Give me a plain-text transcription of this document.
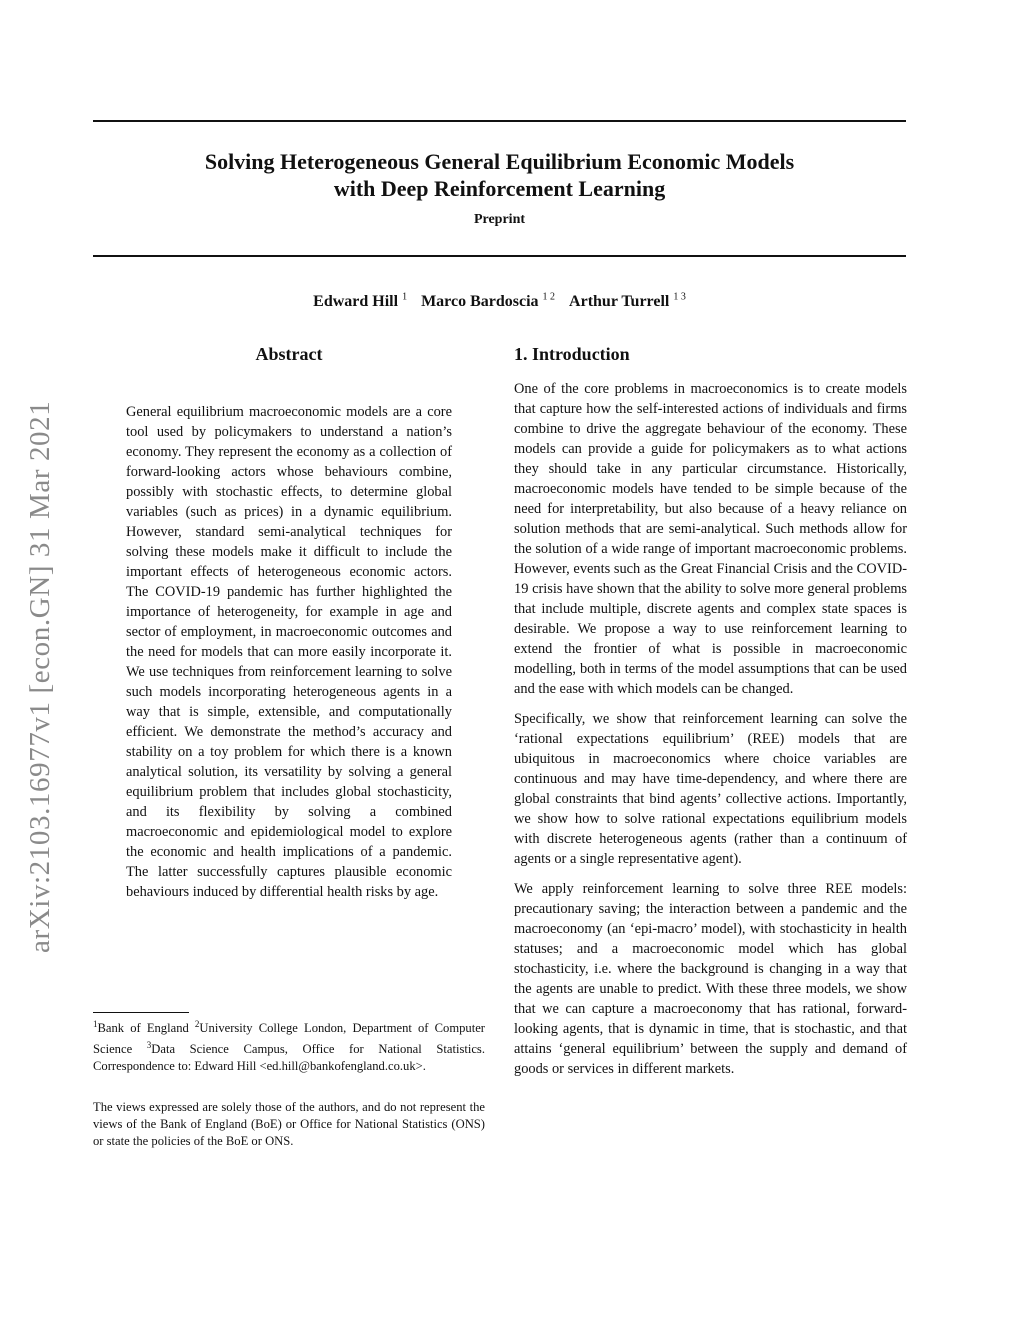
Solving Heterogeneous General Equilibrium Economic Models
with Deep Reinforcement Learning
Preprint
Edward Hill $^1$ Marco Bardoscia $^{1 2}$ Arthur Turrell $^{1 3}$
arXiv:2103.16977v1 [econ.GN] 31 Mar 2021
Abstract

General equilibrium macroeconomic models are a core tool used by policymakers to understand a nation’s economy. They represent the economy as a collection of forward-looking actors whose behaviours combine, possibly with stochastic effects, to determine global variables (such as prices) in a dynamic equilibrium. However, standard semi-analytical techniques for solving these models make it difficult to include the important effects of heterogeneous economic actors. The COVID-19 pandemic has further highlighted the importance of heterogeneity, for example in age and sector of employment, in macroeconomic outcomes and the need for models that can more easily incorporate it. We use techniques from reinforcement learning to solve such models incorporating heterogeneous agents in a way that is simple, extensible, and computationally efficient. We demonstrate the method’s accuracy and stability on a toy problem for which there is a known analytical solution, its versatility by solving a general equilibrium problem that includes global stochasticity, and its flexibility by solving a combined macroeconomic and epidemiological model to explore the economic and health implications of a pandemic. The latter successfully captures plausible economic behaviours induced by differential health risks by age.

$^1$Bank of England $^2$University College London, Department of Computer Science $^3$Data Science Campus, Office for National Statistics. Correspondence to: Edward Hill <ed.hill@bankofengland.co.uk>.

The views expressed are solely those of the authors, and do not represent the views of the Bank of England (BoE) or Office for National Statistics (ONS) or state the policies of the BoE or ONS.

1. Introduction

One of the core problems in macroeconomics is to create models that capture how the self-interested actions of individuals and firms combine to drive the aggregate behaviour of the economy. These models can provide a guide for policymakers as to what actions they should take in any particular circumstance. Historically, macroeconomic models have tended to be simple because of the need for interpretability, but also because of a heavy reliance on solution methods that are semi-analytical. Such methods allow for the solution of a wide range of important macroeconomic problems. However, events such as the Great Financial Crisis and the COVID-19 crisis have shown that the ability to solve more general problems that include multiple, discrete agents and complex state spaces is desirable. We propose a way to use reinforcement learning to extend the frontier of what is possible in macroeconomic modelling, both in terms of the model assumptions that can be used and the ease with which models can be changed.

Specifically, we show that reinforcement learning can solve the ‘rational expectations equilibrium’ (REE) models that are ubiquitous in macroeconomics where choice variables are continuous and may have time-dependency, and where there are global constraints that bind agents’ collective actions. Importantly, we show how to solve rational expectations equilibrium models with discrete heterogeneous agents (rather than a continuum of agents or a single representative agent).

We apply reinforcement learning to solve three REE models: precautionary saving; the interaction between a pandemic and the macroeconomy (an ‘epi-macro’ model), with stochasticity in health statuses; and a macroeconomic model which has global stochasticity, i.e. where the background is changing in a way that the agents are unable to predict. With these three models, we show that we can capture a macroeconomy that has rational, forward-looking agents, that is dynamic in time, that is stochastic, and that attains ‘general equilibrium’ between the supply and demand of goods or services in different markets.
